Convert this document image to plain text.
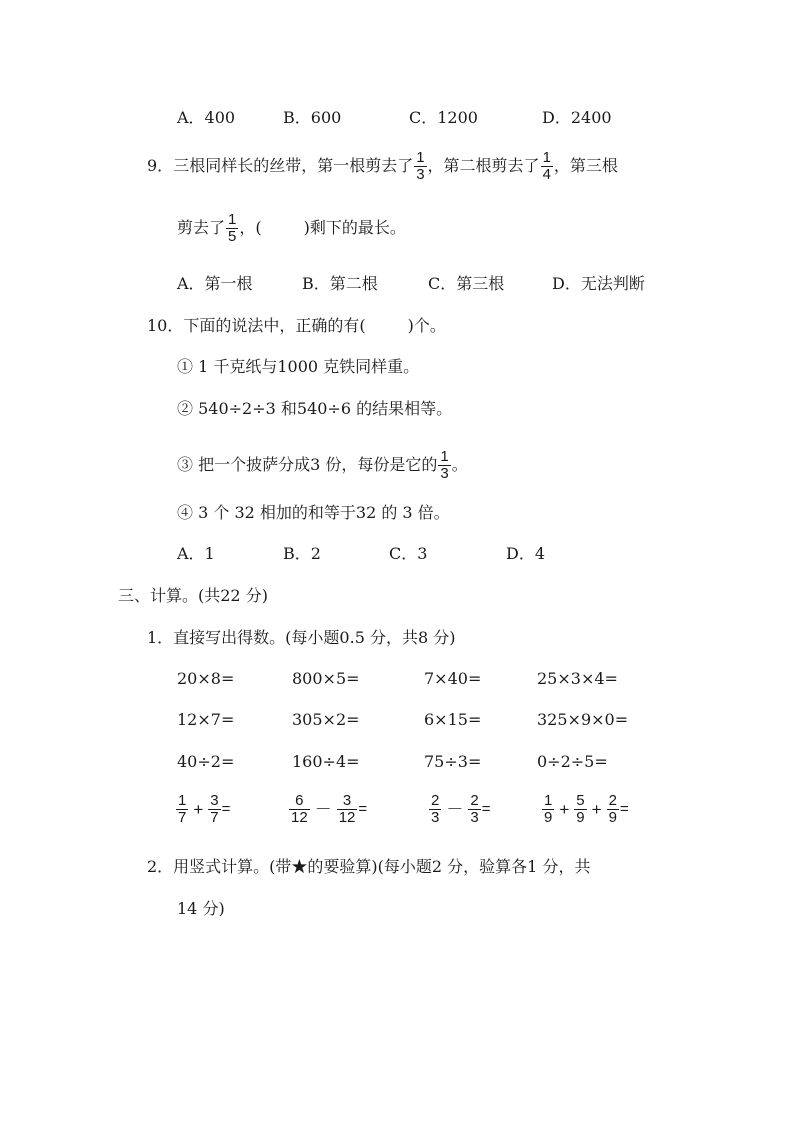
A．400	B．600	C．1200	D．2400
9．三根同样长的丝带，第一根剪去了 $\frac{1}{3}$ ，第二根剪去了 $\frac{1}{4}$ ，第三根
剪去了 $\frac{1}{5}$ ，(	)剩下的最长。
A．第一根	B．第二根	C．第三根	D．无法判断
10．下面的说法中，正确的有(	)个。
① 1 千克纸与1000 克铁同样重。
② 540÷2÷3 和540÷6 的结果相等。
③ 把一个披萨分成3 份，每份是它的 $\frac{1}{3}$ 。
④ 3 个 32 相加的和等于32 的 3 倍。
A．1	B．2	C．3	D．4
三、计算。(共22 分)
1．直接写出得数。(每小题0.5 分，共8 分)
20×8=	800×5=	7×40=	25×3×4=
12×7=	305×2=	6×15=	325×9×0=
40÷2=	160÷4=	75÷3=	0÷2÷5=
$\frac{1}{7} + \frac{3}{7}$ =	$\frac{6}{12} - \frac{3}{12}$ =	$\frac{2}{3} - \frac{2}{3}$ =	$\frac{1}{9} + \frac{5}{9} + \frac{2}{9}$ =
2．用竖式计算。(带★的要验算)(每小题2 分，验算各1 分，共
14 分)
